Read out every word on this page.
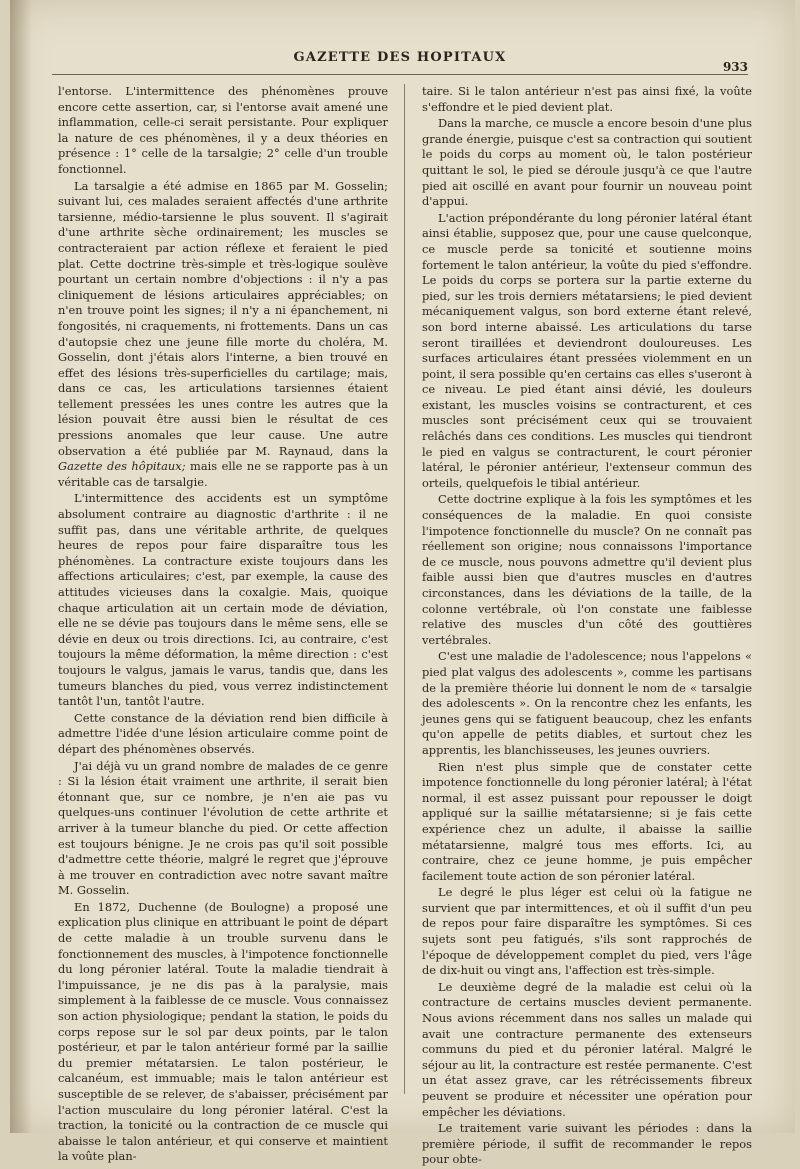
GAZETTE DES HOPITAUX
933

l'entorse. L'intermittence des phénomènes prouve encore cette assertion, car, si l'entorse avait amené une inflammation, celle-ci serait persistante. Pour expliquer la nature de ces phénomènes, il y a deux théories en présence : 1° celle de la tarsalgie; 2° celle d'un trouble fonctionnel.

La tarsalgie a été admise en 1865 par M. Gosselin; suivant lui, ces malades seraient affectés d'une arthrite tarsienne, médio-tarsienne le plus souvent. Il s'agirait d'une arthrite sèche ordinairement; les muscles se contracteraient par action réflexe et feraient le pied plat. Cette doctrine très-simple et très-logique soulève pourtant un certain nombre d'objections : il n'y a pas cliniquement de lésions articulaires appréciables; on n'en trouve point les signes; il n'y a ni épanchement, ni fongosités, ni craquements, ni frottements. Dans un cas d'autopsie chez une jeune fille morte du choléra, M. Gosselin, dont j'étais alors l'interne, a bien trouvé en effet des lésions très-superficielles du cartilage; mais, dans ce cas, les articulations tarsiennes étaient tellement pressées les unes contre les autres que la lésion pouvait être aussi bien le résultat de ces pressions anomales que leur cause. Une autre observation a été publiée par M. Raynaud, dans la Gazette des hôpitaux; mais elle ne se rapporte pas à un véritable cas de tarsalgie.

L'intermittence des accidents est un symptôme absolument contraire au diagnostic d'arthrite : il ne suffit pas, dans une véritable arthrite, de quelques heures de repos pour faire disparaître tous les phénomènes. La contracture existe toujours dans les affections articulaires; c'est, par exemple, la cause des attitudes vicieuses dans la coxalgie. Mais, quoique chaque articulation ait un certain mode de déviation, elle ne se dévie pas toujours dans le même sens, elle se dévie en deux ou trois directions. Ici, au contraire, c'est toujours la même déformation, la même direction : c'est toujours le valgus, jamais le varus, tandis que, dans les tumeurs blanches du pied, vous verrez indistinctement tantôt l'un, tantôt l'autre.

Cette constance de la déviation rend bien difficile à admettre l'idée d'une lésion articulaire comme point de départ des phénomènes observés.

J'ai déjà vu un grand nombre de malades de ce genre : Si la lésion était vraiment une arthrite, il serait bien étonnant que, sur ce nombre, je n'en aie pas vu quelques-uns continuer l'évolution de cette arthrite et arriver à la tumeur blanche du pied. Or cette affection est toujours bénigne. Je ne crois pas qu'il soit possible d'admettre cette théorie, malgré le regret que j'éprouve à me trouver en contradiction avec notre savant maître M. Gosselin.

En 1872, Duchenne (de Boulogne) a proposé une explication plus clinique en attribuant le point de départ de cette maladie à un trouble survenu dans le fonctionnement des muscles, à l'impotence fonctionnelle du long péronier latéral. Toute la maladie tiendrait à l'impuissance, je ne dis pas à la paralysie, mais simplement à la faiblesse de ce muscle. Vous connaissez son action physiologique; pendant la station, le poids du corps repose sur le sol par deux points, par le talon postérieur, et par le talon antérieur formé par la saillie du premier métatarsien. Le talon postérieur, le calcanéum, est immuable; mais le talon antérieur est susceptible de se relever, de s'abaisser, précisément par l'action musculaire du long péronier latéral. C'est la traction, la tonicité ou la contraction de ce muscle qui abaisse le talon antérieur, et qui conserve et maintient la voûte plan-

taire. Si le talon antérieur n'est pas ainsi fixé, la voûte s'effondre et le pied devient plat.

Dans la marche, ce muscle a encore besoin d'une plus grande énergie, puisque c'est sa contraction qui soutient le poids du corps au moment où, le talon postérieur quittant le sol, le pied se déroule jusqu'à ce que l'autre pied ait oscillé en avant pour fournir un nouveau point d'appui.

L'action prépondérante du long péronier latéral étant ainsi établie, supposez que, pour une cause quelconque, ce muscle perde sa tonicité et soutienne moins fortement le talon antérieur, la voûte du pied s'effondre. Le poids du corps se portera sur la partie externe du pied, sur les trois derniers métatarsiens; le pied devient mécaniquement valgus, son bord externe étant relevé, son bord interne abaissé. Les articulations du tarse seront tiraillées et deviendront douloureuses. Les surfaces articulaires étant pressées violemment en un point, il sera possible qu'en certains cas elles s'useront à ce niveau. Le pied étant ainsi dévié, les douleurs existant, les muscles voisins se contracturent, et ces muscles sont précisément ceux qui se trouvaient relâchés dans ces conditions. Les muscles qui tiendront le pied en valgus se contracturent, le court péronier latéral, le péronier antérieur, l'extenseur commun des orteils, quelquefois le tibial antérieur.

Cette doctrine explique à la fois les symptômes et les conséquences de la maladie. En quoi consiste l'impotence fonctionnelle du muscle? On ne connaît pas réellement son origine; nous connaissons l'importance de ce muscle, nous pouvons admettre qu'il devient plus faible aussi bien que d'autres muscles en d'autres circonstances, dans les déviations de la taille, de la colonne vertébrale, où l'on constate une faiblesse relative des muscles d'un côté des gouttières vertébrales.

C'est une maladie de l'adolescence; nous l'appelons « pied plat valgus des adolescents », comme les partisans de la première théorie lui donnent le nom de « tarsalgie des adolescents ». On la rencontre chez les enfants, les jeunes gens qui se fatiguent beaucoup, chez les enfants qu'on appelle de petits diables, et surtout chez les apprentis, les blanchisseuses, les jeunes ouvriers.

Rien n'est plus simple que de constater cette impotence fonctionnelle du long péronier latéral; à l'état normal, il est assez puissant pour repousser le doigt appliqué sur la saillie métatarsienne; si je fais cette expérience chez un adulte, il abaisse la saillie métatarsienne, malgré tous mes efforts. Ici, au contraire, chez ce jeune homme, je puis empêcher facilement toute action de son péronier latéral.

Le degré le plus léger est celui où la fatigue ne survient que par intermittences, et où il suffit d'un peu de repos pour faire disparaître les symptômes. Si ces sujets sont peu fatigués, s'ils sont rapprochés de l'époque de développement complet du pied, vers l'âge de dix-huit ou vingt ans, l'affection est très-simple.

Le deuxième degré de la maladie est celui où la contracture de certains muscles devient permanente. Nous avions récemment dans nos salles un malade qui avait une contracture permanente des extenseurs communs du pied et du péronier latéral. Malgré le séjour au lit, la contracture est restée permanente. C'est un état assez grave, car les rétrécissements fibreux peuvent se produire et nécessiter une opération pour empêcher les déviations.

Le traitement varie suivant les périodes : dans la première période, il suffit de recommander le repos pour obte-
